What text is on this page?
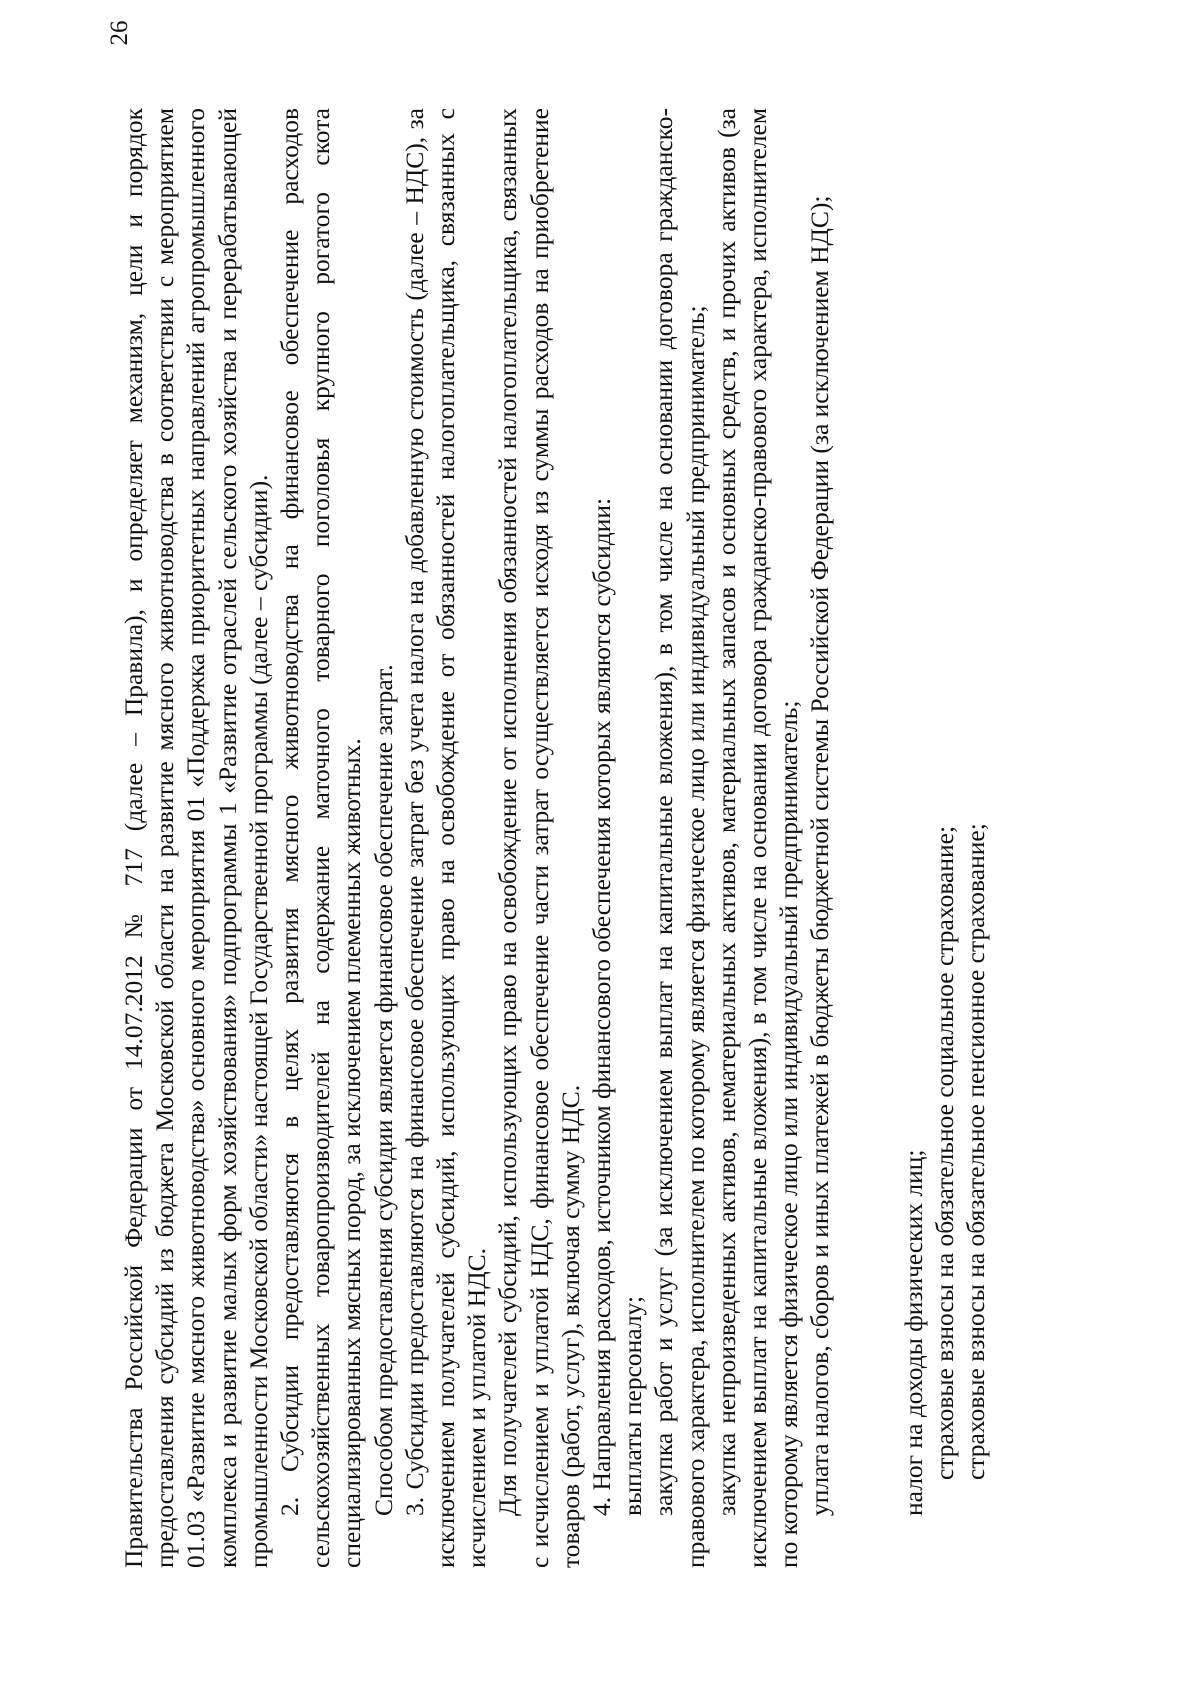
26

Правительства Российской Федерации от 14.07.2012 № 717 (далее – Правила), и определяет механизм, цели и порядок предоставления субсидий из бюджета Московской области на развитие мясного животноводства в соответствии с мероприятием 01.03 «Развитие мясного животноводства» основного мероприятия 01 «Поддержка приоритетных направлений агропромышленного комплекса и развитие малых форм хозяйствования» подпрограммы 1 «Развитие отраслей сельского хозяйства и перерабатывающей промышленности Московской области» настоящей Государственной программы (далее – субсидии). 2. Субсидии предоставляются в целях развития мясного животноводства на финансовое обеспечение расходов сельскохозяйственных товаропроизводителей на содержание маточного товарного поголовья крупного рогатого скота специализированных мясных пород, за исключением племенных животных. Способом предоставления субсидии является финансовое обеспечение затрат. 3. Субсидии предоставляются на финансовое обеспечение затрат без учета налога на добавленную стоимость (далее – НДС), за исключением получателей субсидий, использующих право на освобождение от обязанностей налогоплательщика, связанных с исчислением и уплатой НДС. Для получателей субсидий, использующих право на освобождение от исполнения обязанностей налогоплательщика, связанных с исчислением и уплатой НДС, финансовое обеспечение части затрат осуществляется исходя из суммы расходов на приобретение товаров (работ, услуг), включая сумму НДС. 4. Направления расходов, источником финансового обеспечения которых являются субсидии: выплаты персоналу; закупка работ и услуг (за исключением выплат на капитальные вложения), в том числе на основании договора гражданско-правового характера, исполнителем по которому является физическое лицо или индивидуальный предприниматель; закупка непроизведенных активов, нематериальных активов, материальных запасов и основных средств, и прочих активов (за исключением выплат на капитальные вложения), в том числе на основании договора гражданско-правового характера, исполнителем по которому является физическое лицо или индивидуальный предприниматель; уплата налогов, сборов и иных платежей в бюджеты бюджетной системы Российской Федерации (за исключением НДС);	налог на доходы физических лиц; страховые взносы на обязательное социальное страхование; страховые взносы на обязательное пенсионное страхование;
